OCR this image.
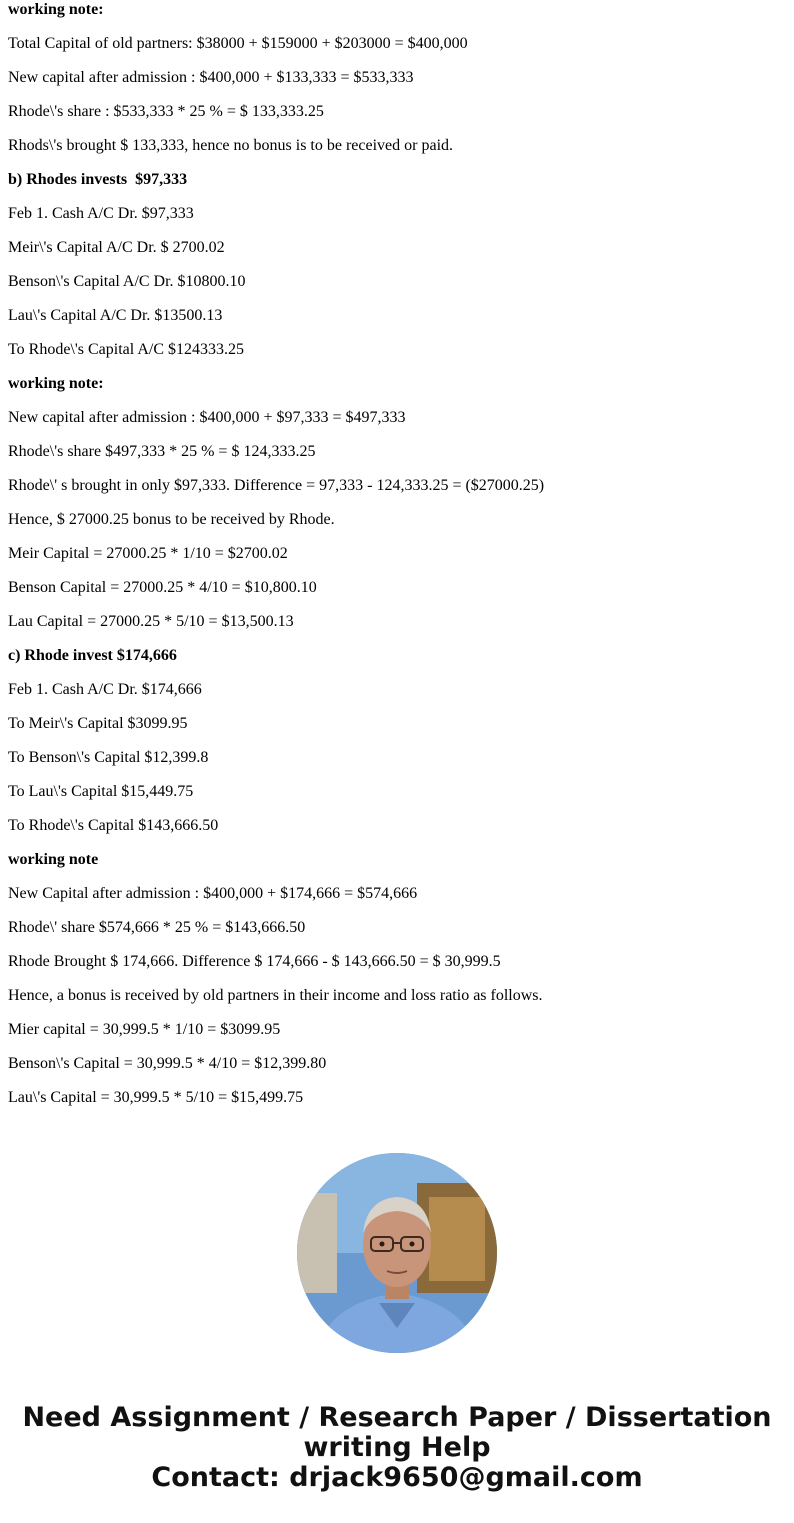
working note:

Total Capital of old partners: $38000 + $159000 + $203000 = $400,000

New capital after admission : $400,000 + $133,333 = $533,333

Rhode\'s share : $533,333 * 25 % = $ 133,333.25

Rhods\'s brought $ 133,333, hence no bonus is to be received or paid.

b) Rhodes invests  $97,333

Feb 1. Cash A/C Dr. $97,333

Meir\'s Capital A/C Dr. $ 2700.02

Benson\'s Capital A/C Dr. $10800.10

Lau\'s Capital A/C Dr. $13500.13

To Rhode\'s Capital A/C $124333.25

working note:

New capital after admission : $400,000 + $97,333 = $497,333

Rhode\'s share $497,333 * 25 % = $ 124,333.25

Rhode\' s brought in only $97,333. Difference = 97,333 - 124,333.25 = ($27000.25)

Hence, $ 27000.25 bonus to be received by Rhode.

Meir Capital = 27000.25 * 1/10 = $2700.02

Benson Capital = 27000.25 * 4/10 = $10,800.10

Lau Capital = 27000.25 * 5/10 = $13,500.13

c) Rhode invest $174,666

Feb 1. Cash A/C Dr. $174,666

To Meir\'s Capital $3099.95

To Benson\'s Capital $12,399.8

To Lau\'s Capital $15,449.75

To Rhode\'s Capital $143,666.50

working note

New Capital after admission : $400,000 + $174,666 = $574,666

Rhode\' share $574,666 * 25 % = $143,666.50

Rhode Brought $ 174,666. Difference $ 174,666 - $ 143,666.50 = $ 30,999.5

Hence, a bonus is received by old partners in their income and loss ratio as follows.

Mier capital = 30,999.5 * 1/10 = $3099.95

Benson\'s Capital = 30,999.5 * 4/10 = $12,399.80

Lau\'s Capital = 30,999.5 * 5/10 = $15,499.75

Need Assignment / Research Paper / Dissertation
writing Help
Contact: drjack9650@gmail.com
